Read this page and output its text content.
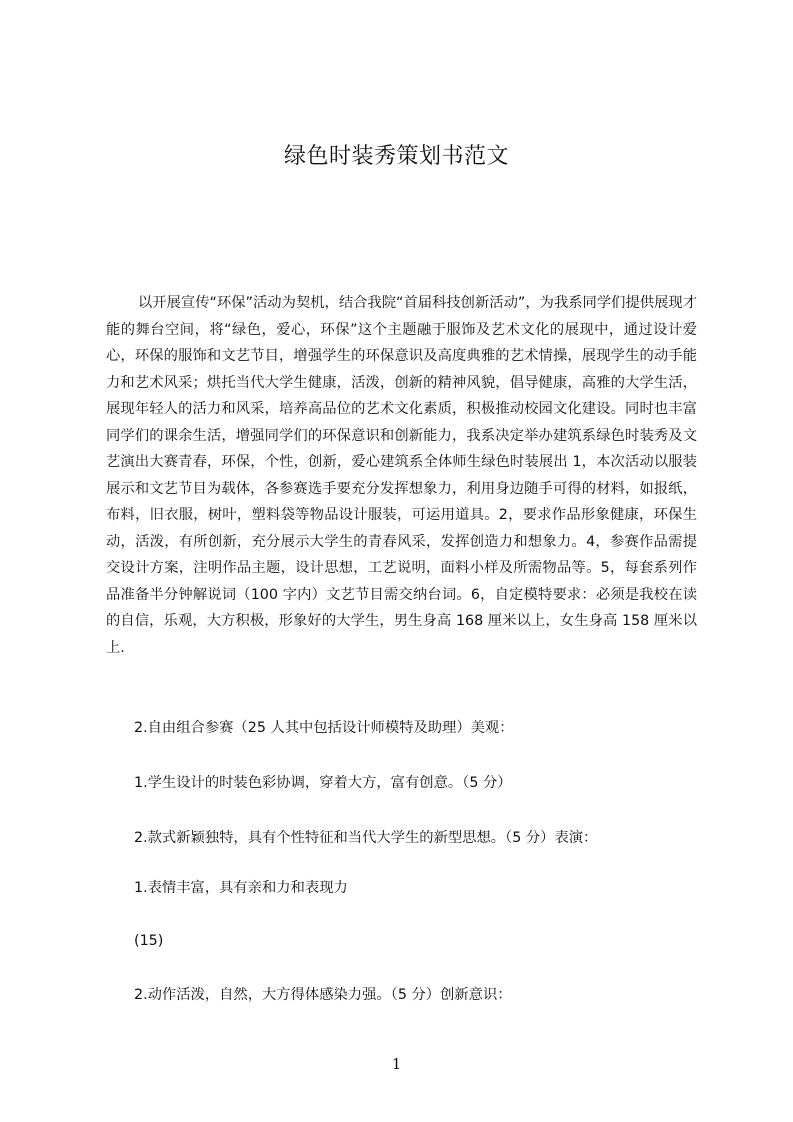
绿色时装秀策划书范文

以开展宣传“环保”活动为契机，结合我院“首届科技创新活动”，为我系同学们提供展现才能的舞台空间，将“绿色，爱心，环保”这个主题融于服饰及艺术文化的展现中，通过设计爱心，环保的服饰和文艺节目，增强学生的环保意识及高度典雅的艺术情操，展现学生的动手能力和艺术风采；烘托当代大学生健康，活泼，创新的精神风貌，倡导健康，高雅的大学生活，展现年轻人的活力和风采，培养高品位的艺术文化素质，积极推动校园文化建设。同时也丰富同学们的课余生活，增强同学们的环保意识和创新能力，我系决定举办建筑系绿色时装秀及文艺演出大赛青春，环保，个性，创新，爱心建筑系全体师生绿色时装展出 1，本次活动以服装展示和文艺节目为载体，各参赛选手要充分发挥想象力，利用身边随手可得的材料，如报纸，布料，旧衣服，树叶，塑料袋等物品设计服装，可运用道具。2，要求作品形象健康，环保生动，活泼，有所创新，充分展示大学生的青春风采，发挥创造力和想象力。4，参赛作品需提交设计方案，注明作品主题，设计思想，工艺说明，面料小样及所需物品等。5，每套系列作品准备半分钟解说词（100 字内）文艺节目需交纳台词。6，自定模特要求：必须是我校在读的自信，乐观，大方积极，形象好的大学生，男生身高 168 厘米以上，女生身高 158 厘米以上.

2.自由组合参赛（25 人其中包括设计师模特及助理）美观：

1.学生设计的时装色彩协调，穿着大方，富有创意。（5 分）

2.款式新颖独特，具有个性特征和当代大学生的新型思想。（5 分）表演：

1.表情丰富，具有亲和力和表现力

(15)

2.动作活泼，自然，大方得体感染力强。（5 分）创新意识：

1
